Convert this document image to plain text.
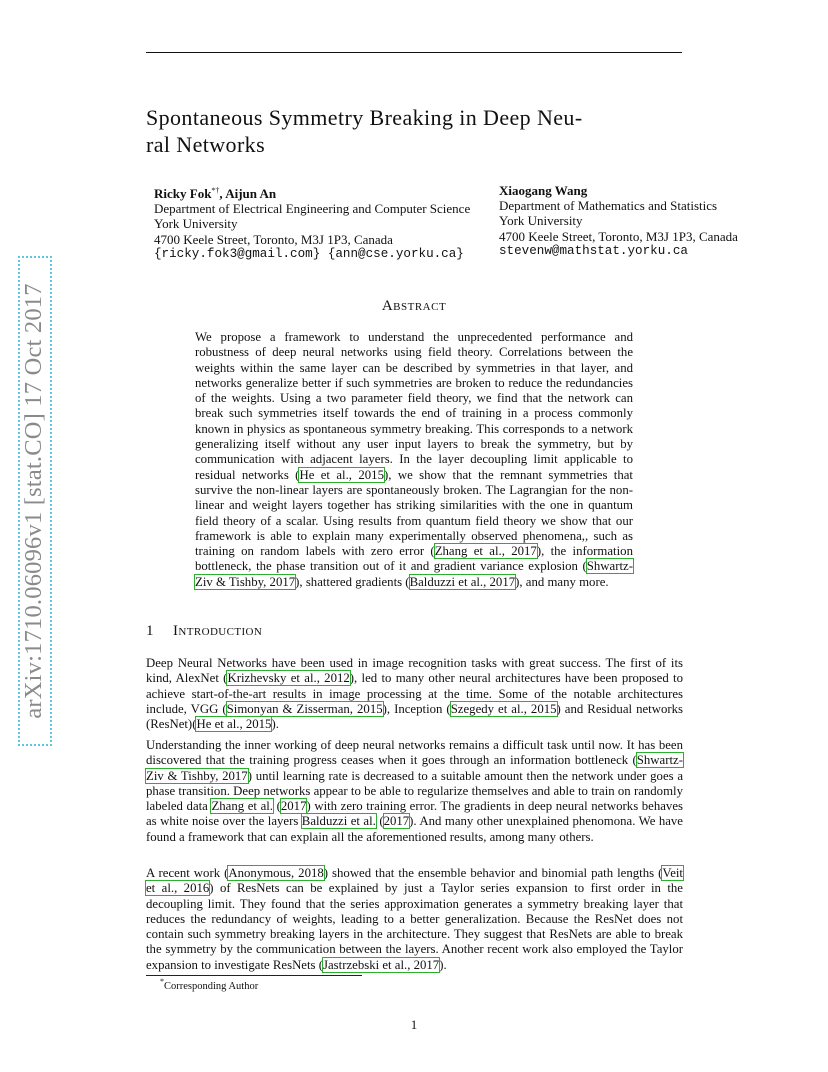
arXiv:1710.06096v1 [stat.CO] 17 Oct 2017
Spontaneous Symmetry Breaking in Deep Neu-
ral Networks
Ricky Fok*†, Aijun An
Department of Electrical Engineering and Computer Science
York University
4700 Keele Street, Toronto, M3J 1P3, Canada
{ricky.fok3@gmail.com} {ann@cse.yorku.ca}
Xiaogang Wang
Department of Mathematics and Statistics
York University
4700 Keele Street, Toronto, M3J 1P3, Canada
stevenw@mathstat.yorku.ca
Abstract
We propose a framework to understand the unprecedented performance and robustness of deep neural networks using field theory. Correlations between the weights within the same layer can be described by symmetries in that layer, and networks generalize better if such symmetries are broken to reduce the redundancies of the weights. Using a two parameter field theory, we find that the network can break such symmetries itself towards the end of training in a process commonly known in physics as spontaneous symmetry breaking. This corresponds to a network generalizing itself without any user input layers to break the symmetry, but by communication with adjacent layers. In the layer decoupling limit applicable to residual networks (He et al., 2015), we show that the remnant symmetries that survive the non-linear layers are spontaneously broken. The Lagrangian for the non-linear and weight layers together has striking similarities with the one in quantum field theory of a scalar. Using results from quantum field theory we show that our framework is able to explain many experimentally observed phenomena,, such as training on random labels with zero error (Zhang et al., 2017), the information bottleneck, the phase transition out of it and gradient variance explosion (Shwartz-Ziv & Tishby, 2017), shattered gradients (Balduzzi et al., 2017), and many more.
1 Introduction
Deep Neural Networks have been used in image recognition tasks with great success. The first of its kind, AlexNet (Krizhevsky et al., 2012), led to many other neural architectures have been proposed to achieve start-of-the-art results in image processing at the time. Some of the notable architectures include, VGG (Simonyan & Zisserman, 2015), Inception (Szegedy et al., 2015) and Residual networks (ResNet)(He et al., 2015).
Understanding the inner working of deep neural networks remains a difficult task until now. It has been discovered that the training progress ceases when it goes through an information bottleneck (Shwartz-Ziv & Tishby, 2017) until learning rate is decreased to a suitable amount then the network under goes a phase transition. Deep networks appear to be able to regularize themselves and able to train on randomly labeled data Zhang et al. (2017) with zero training error. The gradients in deep neural networks behaves as white noise over the layers Balduzzi et al. (2017). And many other unexplained phenomona. We have found a framework that can explain all the aforementioned results, among many others.
A recent work (Anonymous, 2018) showed that the ensemble behavior and binomial path lengths (Veit et al., 2016) of ResNets can be explained by just a Taylor series expansion to first order in the decoupling limit. They found that the series approximation generates a symmetry breaking layer that reduces the redundancy of weights, leading to a better generalization. Because the ResNet does not contain such symmetry breaking layers in the architecture. They suggest that ResNets are able to break the symmetry by the communication between the layers. Another recent work also employed the Taylor expansion to investigate ResNets (Jastrzebski et al., 2017).
*Corresponding Author
1
